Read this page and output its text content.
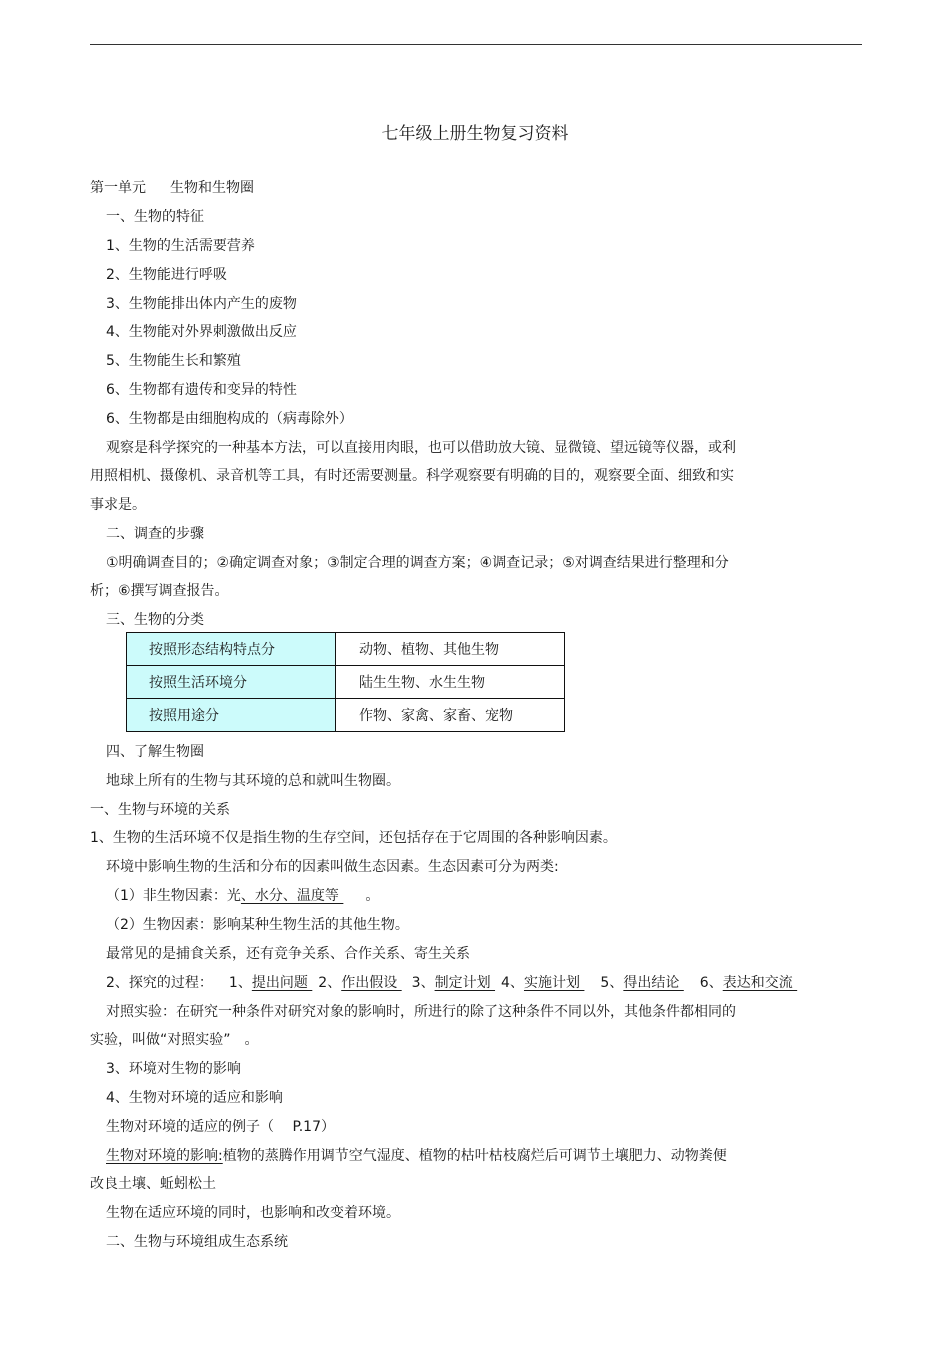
七年级上册生物复习资料
第一单元 生物和生物圈
一、生物的特征
1、生物的生活需要营养
2、生物能进行呼吸
3、生物能排出体内产生的废物
4、生物能对外界刺激做出反应
5、生物能生长和繁殖
6、生物都有遗传和变异的特性
6、生物都是由细胞构成的（病毒除外）
观察是科学探究的一种基本方法，可以直接用肉眼，也可以借助放大镜、显微镜、望远镜等仪器，或利
用照相机、摄像机、录音机等工具，有时还需要测量。科学观察要有明确的目的，观察要全面、细致和实
事求是。
二、调查的步骤
①明确调查目的；②确定调查对象；③制定合理的调查方案；④调查记录；⑤对调查结果进行整理和分
析；⑥撰写调查报告。
三、生物的分类
按照形态结构特点分	动物、植物、其他生物
按照生活环境分	陆生生物、水生生物
按照用途分	作物、家禽、家畜、宠物
四、了解生物圈
地球上所有的生物与其环境的总和就叫生物圈。
一、生物与环境的关系
1、生物的生活环境不仅是指生物的生存空间，还包括存在于它周围的各种影响因素。
环境中影响生物的生活和分布的因素叫做生态因素。生态因素可分为两类:
（1）非生物因素：光、水分、温度等 。
（2）生物因素：影响某种生物生活的其他生物。
最常见的是捕食关系，还有竞争关系、合作关系、寄生关系
2、探究的过程： 1、提出问题 2、作出假设 3、制定计划 4、实施计划 5、得出结论 6、表达和交流
对照实验：在研究一种条件对研究对象的影响时，所进行的除了这种条件不同以外，其他条件都相同的
实验，叫做“对照实验”　。
3、环境对生物的影响
4、生物对环境的适应和影响
生物对环境的适应的例子（　 P.17）
生物对环境的影响:植物的蒸腾作用调节空气湿度、植物的枯叶枯枝腐烂后可调节土壤肥力、动物粪便
改良土壤、蚯蚓松土
生物在适应环境的同时，也影响和改变着环境。
二、生物与环境组成生态系统
